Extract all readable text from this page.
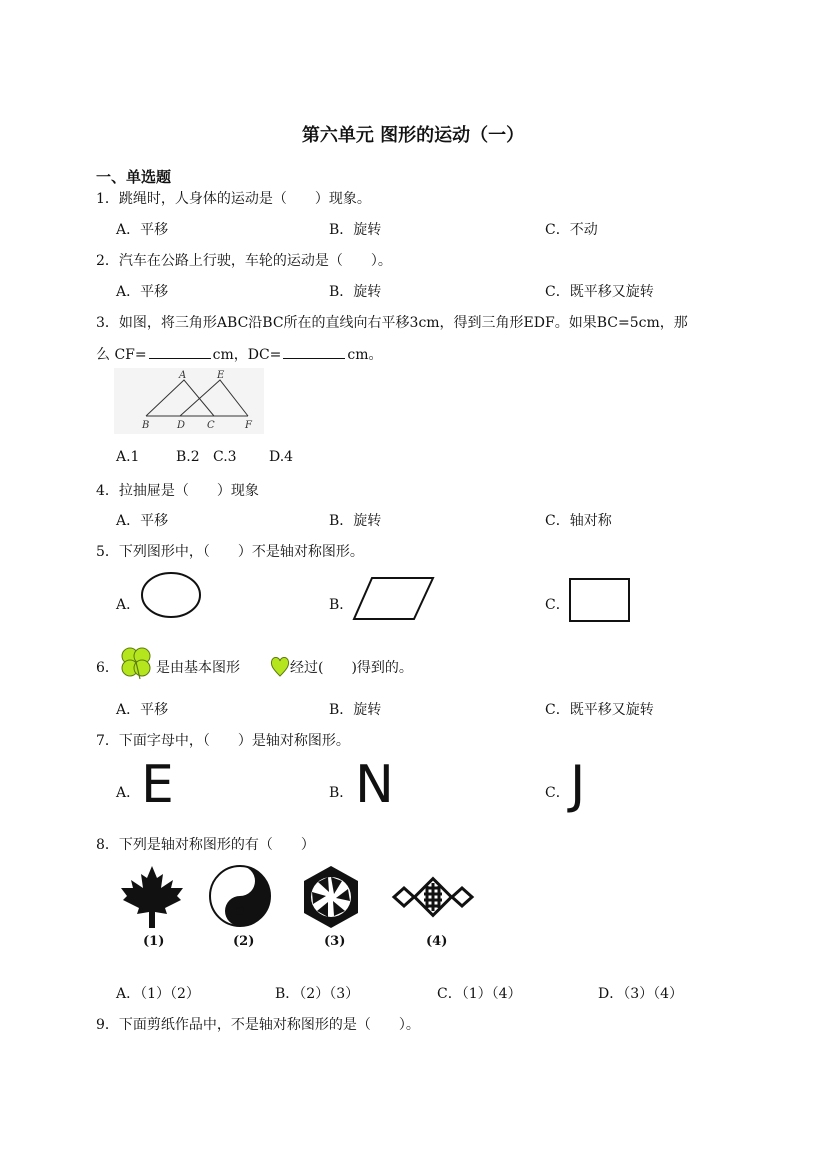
第六单元 图形的运动（一）
一、单选题
1．跳绳时，人身体的运动是（　　）现象。
A．平移	B．旋转	C．不动
2．汽车在公路上行驶，车轮的运动是（　　）。
A．平移	B．旋转	C．既平移又旋转
3．如图，将三角形ABC沿BC所在的直线向右平移3cm，得到三角形EDF。如果BC=5cm，那
么 CF=	cm，DC=	cm。
A	E
B	D C	F
A.1	B.2 C.3 D.4
4．拉抽屉是（　　）现象
A．平移	B．旋转	C．轴对称
5．下列图形中，（　　）不是轴对称图形。
A．	B．	C．
6．	是由基本图形	经过(　　)得到的。
A．平移	B．旋转	C．既平移又旋转
7．下面字母中，（　　）是轴对称图形。
A． E	B． N	C． J
8．下列是轴对称图形的有（　　）
(1)	(2)	(3)	(4)
A．（1）（2）	B．（2）（3）	C．（1）（4）	D．（3）（4）
9．下面剪纸作品中，不是轴对称图形的是（　　）。
